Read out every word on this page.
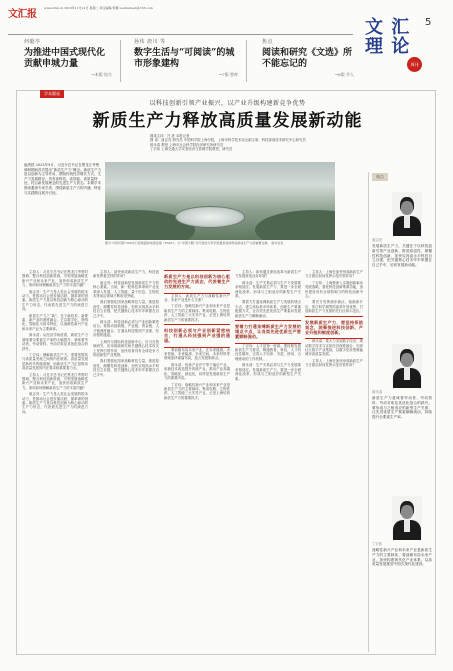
文汇报
www.whb.cn 2023年11月21日 星期二 责任编辑/李娜 wenhuiweb@163.com
文 汇
理 论
周刊
5
何毅亭
为推进中国式现代化贡献申城力量
→本版·综合
孙伟 唐川 等
数字生活与“可阅读”的城市形象建构
→7版·智库
焦点
阅读和研究《文选》所不能忘记的
→8版·学人
学术圆桌
以科技创新引领产业振兴，以产业升级构建新竞争优势
新质生产力释放高质量发展新动能
圆桌主持：吕 进 本报记者
圆 桌：唐志亮 研究员 中国科学院上海分院，上海市科学技术协会副主席，科技部高技术研究中心研究员
薛永清 教授 上海市社会科学院经济研究所研究员
丁宏伟 上海交通大学安泰经济与管理学院教授，研究员
编者按 2023年9月，习近平总书记在黑龙江考察调研期间首次提出“新质生产力”概念。新质生产力是以创新为主导作用，摆脱传统经济增长方式、生产力发展路径，具有高科技、高效能、高质量特征，符合新发展理念的先进生产力质态。本期学术圆桌邀请专家学者，围绕新质生产力的内涵、特征与实践路径展开讨论。
图为“中国天眼”500米口径球面射电望远镜（FAST）。以“中国天眼”为代表的大科学装置是加快形成新质生产力的重要支撑。 新华社发

主持人：习近平总书记在黑龙江考察时强调，整合科技创新资源，引领发展战略性新兴产业和未来产业，加快形成新质生产力。请问如何理解新质生产力的丰富内涵？

唐志亮：生产力是人类社会发展的根本动力，是推动社会进步最活跃、最革命的因素。新质生产力是以科技创新为核心驱动的生产力形态，代表着先进生产力的演进方向。

新质生产力之“新”，在于新技术、新要素、新产业的深度融合。它以数字化、网络化、智能化为基本特征，以战略性新兴产业和未来产业为主要载体。

薛永清：从经济学角度看，新质生产力意味着全要素生产率的大幅提升，意味着劳动者、劳动资料、劳动对象及其优化组合的跃升。

丁宏伟：理解新质生产力，需要把握其与高质量发展之间的内在联系。高质量发展是新时代的硬道理，而新质生产力正是推动高质量发展的内在要求和重要着力点。

主持人：习近平总书记在黑龙江考察时强调，整合科技创新资源，引领发展战略性新兴产业和未来产业，加快形成新质生产力。请问如何理解新质生产力的丰富内涵？

唐志亮：生产力是人类社会发展的根本动力，是推动社会进步最活跃、最革命的因素。新质生产力是以科技创新为核心驱动的生产力形态，代表着先进生产力的演进方向。

主持人：加快形成新质生产力，科技创新发挥着怎样的作用？

唐志亮：科技创新是发展新质生产力的核心要素。当前，新一轮科技革命和产业变革深入发展，人工智能、量子信息、生物技术等前沿领域不断取得突破。

我们要强化国家战略科技力量，推进原创性、颠覆性科技创新，加快实现高水平科技自立自强，把关键核心技术牢牢掌握在自己手中。

薛永清：科技创新必须与产业创新紧密结合。要推动创新链、产业链、资金链、人才链深度融合，打通从科技强到产业强、经济强的通道。

上海作为国际科技创新中心，应当在基础研究、应用基础研究和关键核心技术攻关上发挥引领作用，加快培育具有全球竞争力的创新型产业集群。

我们要强化国家战略科技力量，推进原创性、颠覆性科技创新，加快实现高水平科技自立自强，把关键核心技术牢牢掌握在自己手中。

新质生产力是以科技创新为核心驱动的先进生产力质态，代表着生产力发展的方向。

主持人：新质生产力与战略性新兴产业、未来产业是什么关系？

丁宏伟：战略性新兴产业和未来产业是新质生产力的主要载体。集成电路、生物医药、人工智能三大先导产业，正是上海培育新质生产力的重要抓手。

科技创新必须与产业创新紧密结合，打通从科技强到产业强的通道。

要前瞻布局未来产业，在未来健康、未来智能、未来能源、未来空间、未来材料等领域加快谋篇布局，抢占发展制高点。

薛永清：传统产业并不等于落后产业。用新技术改造提升传统产业，推动产业高端化、智能化、绿色化，同样是发展新质生产力的重要内容。

丁宏伟：战略性新兴产业和未来产业是新质生产力的主要载体。集成电路、生物医药、人工智能三大先导产业，正是上海培育新质生产力的重要抓手。

主持人：如何通过深化改革为新质生产力发展营造良好环境？

薛永清：生产关系必须与生产力发展要求相适应。发展新质生产力，要进一步全面深化改革，形成与之相适应的新型生产关系。

要着力打通束缚新质生产力发展的堵点卡点，建立高标准市场体系，创新生产要素配置方式，让各类先进优质生产要素向发展新质生产力顺畅流动。

要着力打通束缚新质生产力发展的堵点卡点，让各类先进优质生产要素顺畅流动。

丁宏伟：人才是第一资源。要按照发展新质生产力要求，畅通教育、科技、人才的良性循环，完善人才培养、引进、使用、合理流动的工作机制。

薛永清：生产关系必须与生产力发展要求相适应。发展新质生产力，要进一步全面深化改革，形成与之相适应的新型生产关系。

主持人：上海在加快形成新质生产力方面应如何发挥示范引领作用？

丁宏伟：上海要深入实施创新驱动发展战略，强化科技创新策源功能，加快建设具有全球影响力的科技创新中心。

要充分发挥浦东新区、临港新片区、张江科学城等的改革开放优势，打造新质生产力发展的先行区和示范区。

发展新质生产力，要坚持系统观念，统筹推进科技创新、产业升级和制度创新。

薛永清：要大力发展数字经济，推动数字技术与实体经济深度融合，培育壮大数字产业集群，以数字化转型赋能城市高质量发展。

主持人：上海在加快形成新质生产力方面应如何发挥示范引领作用？

观点
唐志亮
发展新质生产力，关键在于以科技创新引领产业创新，推进原创性、颠覆性科技创新，加快实现高水平科技自立自强，把关键核心技术牢牢掌握在自己手中，培育发展新动能。
薛永清
新质生产力意味着劳动者、劳动资料、劳动对象及其优化组合的跃升，要形成与之相适应的新型生产关系，让先进优质生产要素顺畅流动，持续提升全要素生产率。
丁宏伟
战略性新兴产业和未来产业是新质生产力的主要载体，要前瞻布局未来产业，加快构建现代化产业体系，以高质量发展推进中国式现代化建设。
